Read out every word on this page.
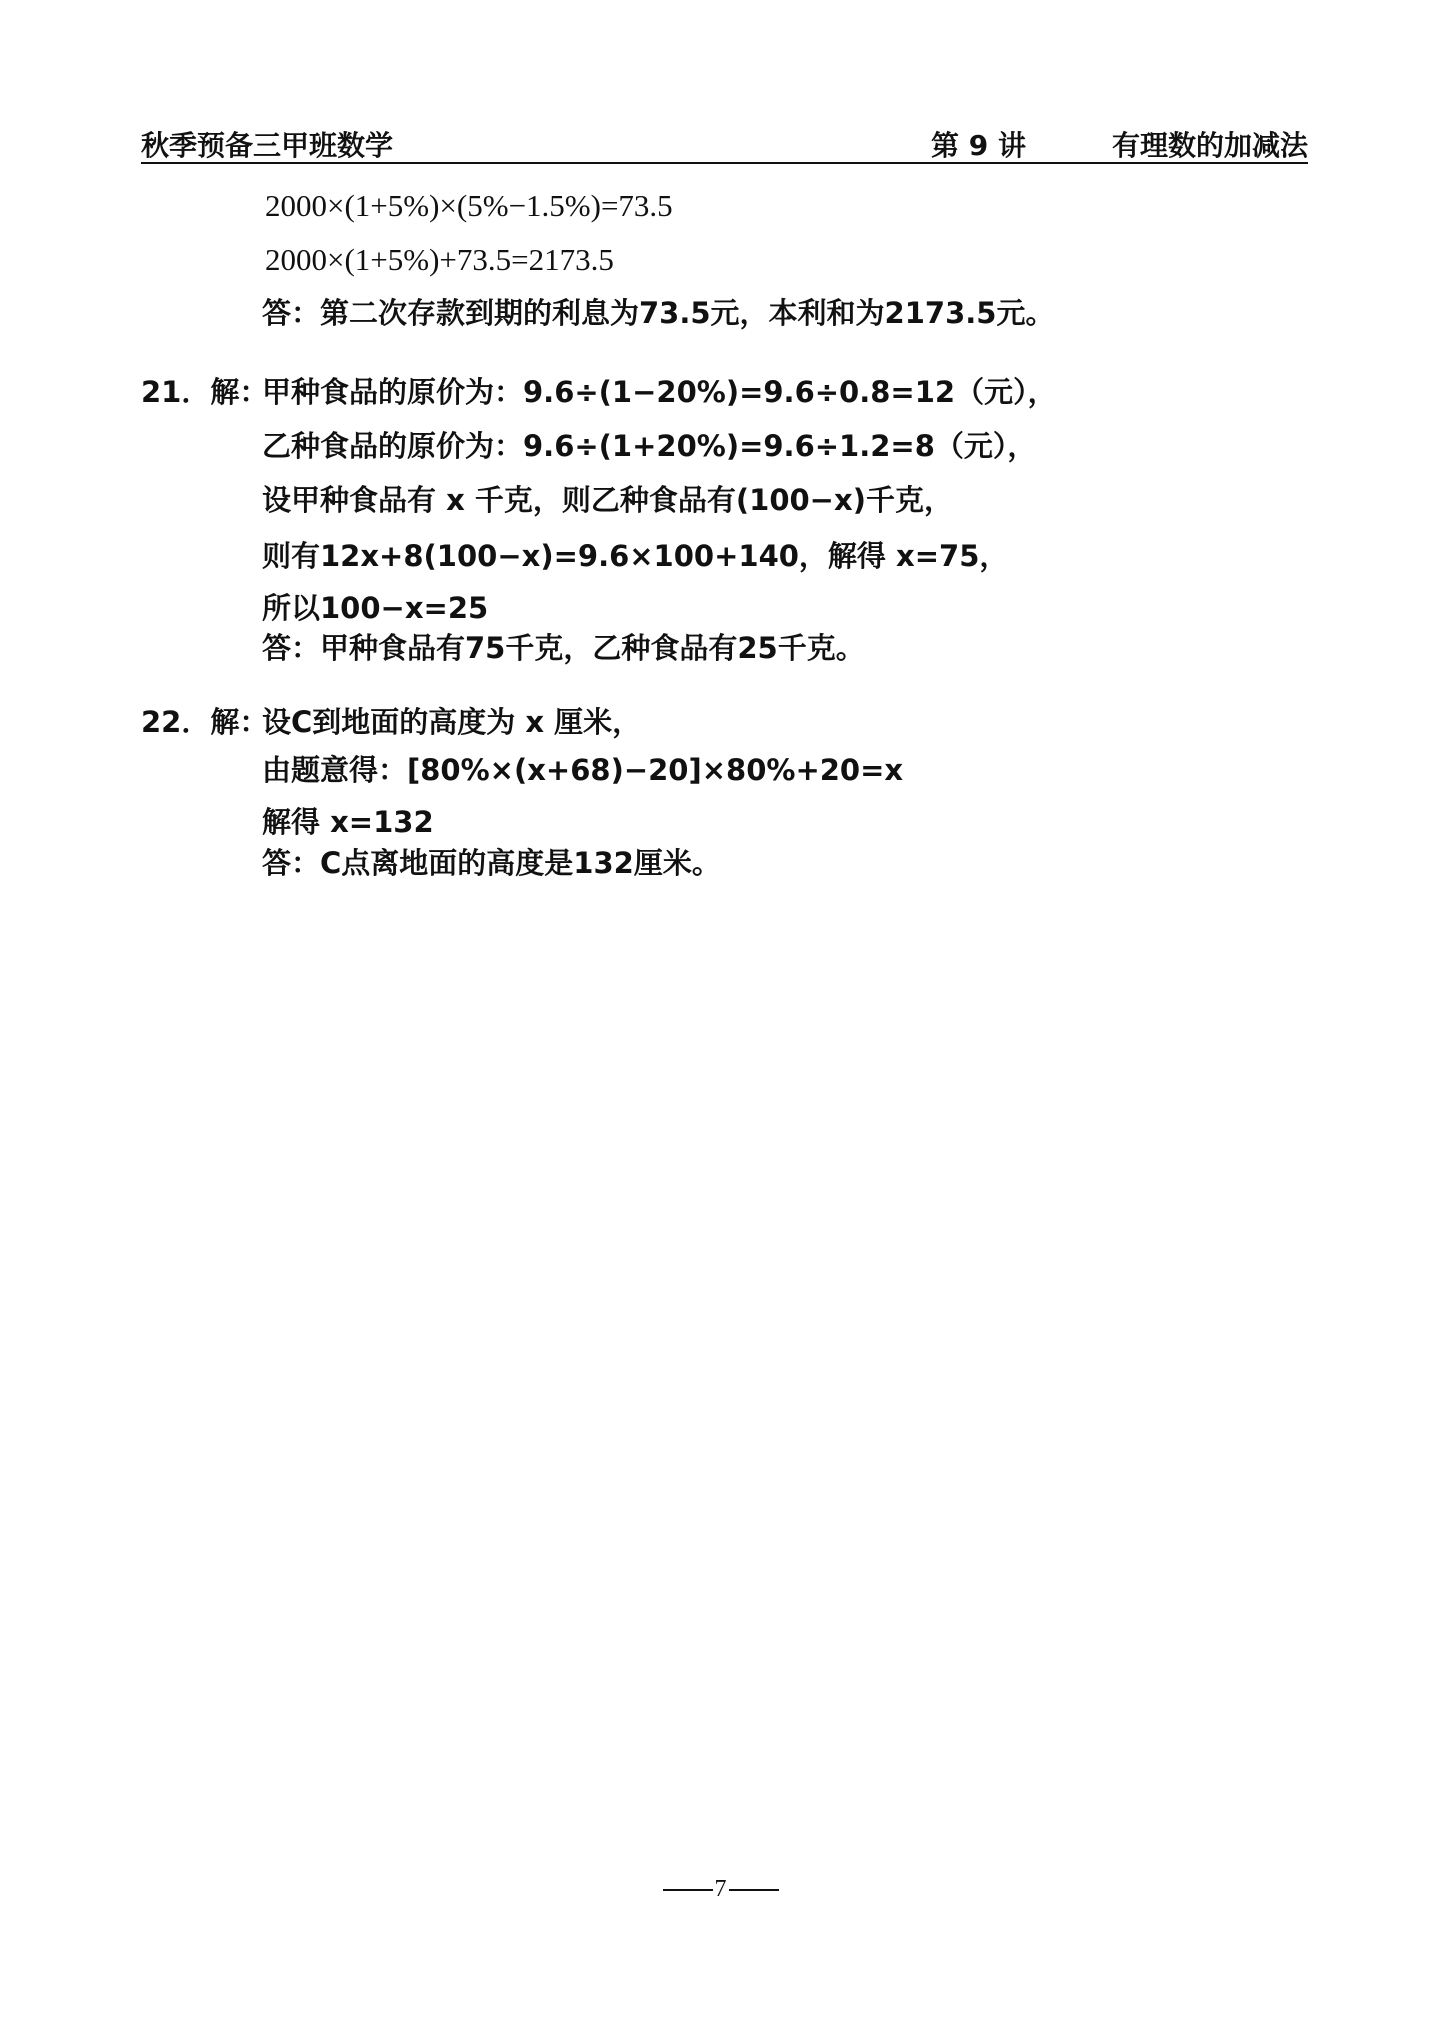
秋季预备三甲班数学	第 9 讲	有理数的加减法
2000×(1+5%)×(5%−1.5%)=73.5
2000×(1+5%)+73.5=2173.5
答：第二次存款到期的利息为73.5元，本利和为2173.5元。
21．解：
甲种食品的原价为：9.6÷(1−20%)=9.6÷0.8=12（元），
乙种食品的原价为：9.6÷(1+20%)=9.6÷1.2=8（元），
设甲种食品有 x 千克，则乙种食品有(100−x)千克，
则有12x+8(100−x)=9.6×100+140，解得 x=75，
所以100−x=25
答：甲种食品有75千克，乙种食品有25千克。
22．解：
设C到地面的高度为 x 厘米，
由题意得：[80%×(x+68)−20]×80%+20=x
解得 x=132
答：C点离地面的高度是132厘米。
7
